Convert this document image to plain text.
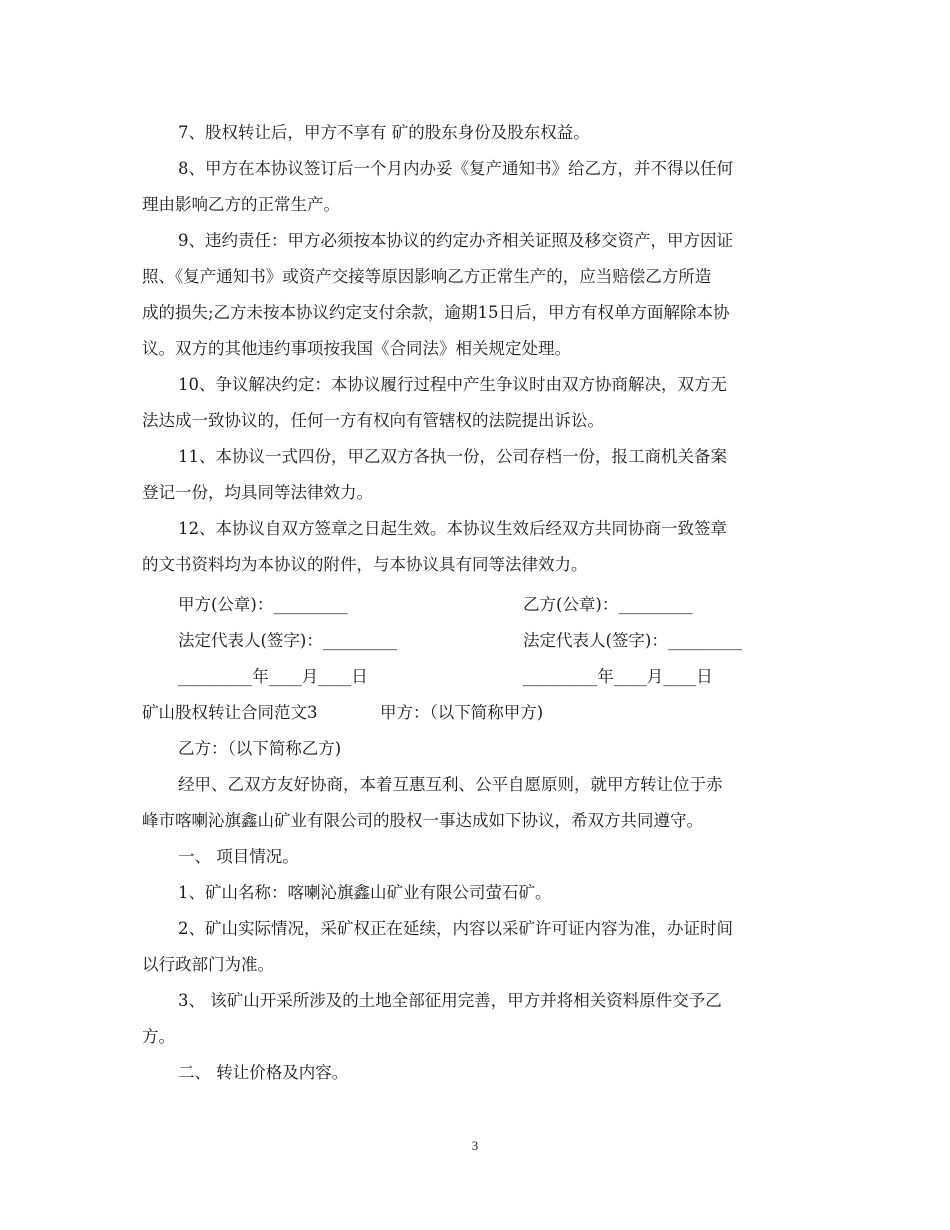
7、股权转让后，甲方不享有 矿的股东身份及股东权益。
8、甲方在本协议签订后一个月内办妥《复产通知书》给乙方，并不得以任何
理由影响乙方的正常生产。
9、违约责任：甲方必须按本协议的约定办齐相关证照及移交资产，甲方因证
照、《复产通知书》或资产交接等原因影响乙方正常生产的，应当赔偿乙方所造
成的损失;乙方未按本协议约定支付余款，逾期15日后，甲方有权单方面解除本协
议。双方的其他违约事项按我国《合同法》相关规定处理。
10、争议解决约定：本协议履行过程中产生争议时由双方协商解决，双方无
法达成一致协议的，任何一方有权向有管辖权的法院提出诉讼。
11、本协议一式四份，甲乙双方各执一份，公司存档一份，报工商机关备案
登记一份，均具同等法律效力。
12、本协议自双方签章之日起生效。本协议生效后经双方共同协商一致签章
的文书资料均为本协议的附件，与本协议具有同等法律效力。
甲方(公章)：_________	乙方(公章)：_________
法定代表人(签字)：_________	法定代表人(签字)：_________
_________年____月____日	_________年____月____日
矿山股权转让合同范文3	甲方：（以下简称甲方)
乙方：（以下简称乙方)
经甲、乙双方友好协商，本着互惠互利、公平自愿原则，就甲方转让位于赤
峰市喀喇沁旗鑫山矿业有限公司的股权一事达成如下协议，希双方共同遵守。
一、 项目情况。
1、矿山名称：喀喇沁旗鑫山矿业有限公司萤石矿。
2、矿山实际情况，采矿权正在延续，内容以采矿许可证内容为准，办证时间
以行政部门为准。
3、 该矿山开采所涉及的土地全部征用完善，甲方并将相关资料原件交予乙
方。
二、 转让价格及内容。
3
